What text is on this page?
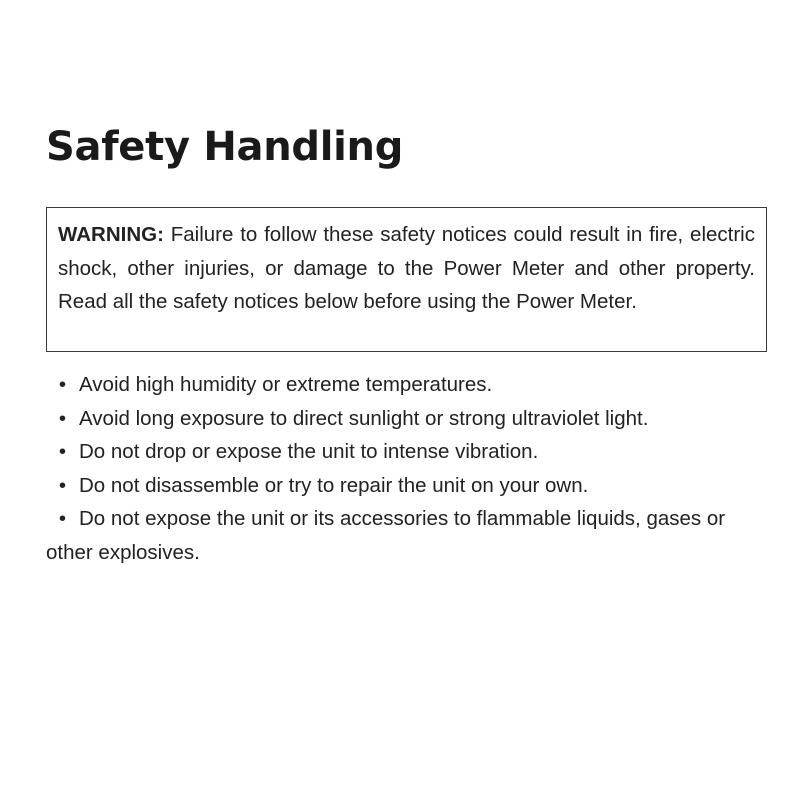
Safety Handling
WARNING: Failure to follow these safety notices could result in fire, electric shock, other injuries, or damage to the Power Meter and other property. Read all the safety notices below before using the Power Meter.
• Avoid high humidity or extreme temperatures.
• Avoid long exposure to direct sunlight or strong ultraviolet light.
• Do not drop or expose the unit to intense vibration.
• Do not disassemble or try to repair the unit on your own.
• Do not expose the unit or its accessories to flammable liquids, gases or other explosives.
